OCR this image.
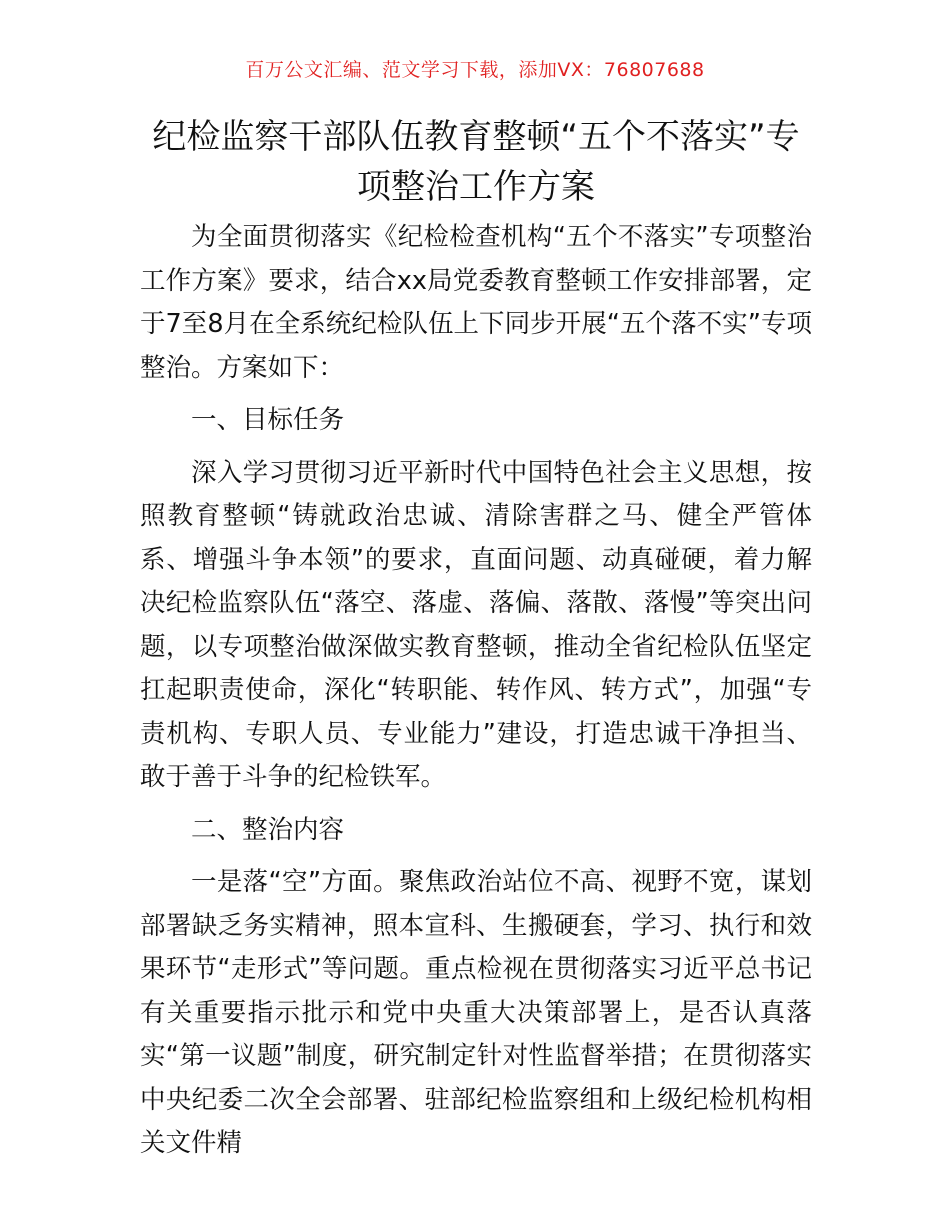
百万公文汇编、范文学习下载，添加VX：76807688
纪检监察干部队伍教育整顿“五个不落实”专
项整治工作方案

为全面贯彻落实《纪检检查机构“五个不落实”专项整治工作方案》要求，结合xx局党委教育整顿工作安排部署，定于7至8月在全系统纪检队伍上下同步开展“五个落不实”专项整治。方案如下：

一、目标任务

深入学习贯彻习近平新时代中国特色社会主义思想，按照教育整顿“铸就政治忠诚、清除害群之马、健全严管体系、增强斗争本领”的要求，直面问题、动真碰硬，着力解决纪检监察队伍“落空、落虚、落偏、落散、落慢”等突出问题，以专项整治做深做实教育整顿，推动全省纪检队伍坚定扛起职责使命，深化“转职能、转作风、转方式”，加强“专责机构、专职人员、专业能力”建设，打造忠诚干净担当、敢于善于斗争的纪检铁军。

二、整治内容

一是落“空”方面。聚焦政治站位不高、视野不宽，谋划部署缺乏务实精神，照本宣科、生搬硬套，学习、执行和效果环节“走形式”等问题。重点检视在贯彻落实习近平总书记有关重要指示批示和党中央重大决策部署上，是否认真落实“第一议题”制度，研究制定针对性监督举措；在贯彻落实中央纪委二次全会部署、驻部纪检监察组和上级纪检机构相关文件精
